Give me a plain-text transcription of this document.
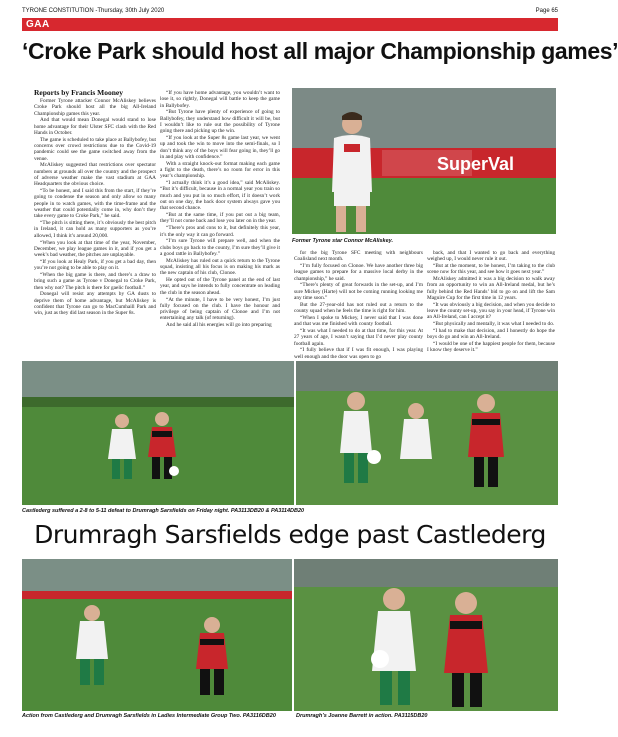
TYRONE CONSTITUTION -Thursday, 30th July 2020	Page 65
GAA
‘Croke Park should host all major Championship games’
Reports by Francis Mooney

Former Tyrone attacker Connor McAliskey believes Croke Park should host all the big All-Ireland Championship games this year.

And that would mean Donegal would stand to lose home advantage for their Ulster SFC clash with the Red Hands in October.

The game is scheduled to take place at Ballybofey, but concerns over crowd restrictions due to the Covid-19 pandemic could see the game switched away from the venue.

McAliskey suggested that restrictions over spectator numbers at grounds all over the country and the prospect of adverse weather make the vast stadium at GAA Headquarters the obvious choice.

“To be honest, and I said this from the start, if they’re going to condense the season and only allow so many people in to watch games, with the time-frame and the weather that could potentially come in, why don’t they take every game to Croke Park,” he said.

“The pitch is sitting there, it’s obviously the best pitch in Ireland, it can hold as many supporters as you’re allowed, I think it’s around 20,000.

“When you look at that time of the year, November, December, we play league games in it, and if you get a week’s bad weather, the pitches are unplayable.

“If you look at Healy Park, if you get a bad day, then you’re not going to be able to play on it.

“When the big game is there, and there’s a draw to bring such a game as Tyrone v Donegal to Croke Park, then why not? The pitch is there for gaelic football.”

Donegal will resist any attempts by GA dusts to deprive them of home advantage, but McAliskey is confident that Tyrone can go to MacCumhaill Park and win, just as they did last season in the Super 8s.

“If you have home advantage, you wouldn’t want to lose it, so rightly, Donegal will battle to keep the game in Ballybofey.

“But Tyrone have plenty of experience of going to Ballybofey, they understand how difficult it will be, but I wouldn’t like to rule out the possibility of Tyrone going there and picking up the win.

“If you look at the Super 8s game last year, we went up and took the win to move into the semi-finals, so I don’t think any of the boys will fear going in, they’ll go in and play with confidence.”

With a straight knock-out format making each game a fight to the death, there’s no room for error in this year’s championship.

“I actually think it’s a good idea,” said McAliskey. “But it’s difficult, because in a normal year you train so much and you put in so much effort, if it doesn’t work out on one day, the back door system always gave you that second chance.

“But at the same time, if you put out a big team, they’ll not come back and lose you later on in the year.

“There’s pros and cons to it, but definitely this year, it’s the only way it can go forward.

“I’m sure Tyrone will prepare well, and when the clubs boys go back to the county, I’m sure they’ll give it a good rattle in Ballybofey.”

McAliskey has ruled out a quick return to the Tyrone squad, insisting all his focus is on making his mark as the new captain of his club, Clonoe.

He opted out of the Tyrone panel at the end of last year, and says he intends to fully concentrate on leading the club in the season ahead.

“At the minute, I have to be very honest, I’m just fully focused on the club. I have the honour and privilege of being captain of Clonoe and I’m not entertaining any talk (of returning).

And he said all his energies will go into preparing

for the big Tyrone SFC meeting with neighbours Coalisland next month.

“I’m fully focused on Clonoe. We have another three big league games to prepare for a massive local derby in the championship,” he said.

“There’s plenty of great forwards in the set-up, and I’m sure Mickey (Harte) will not be coming running looking me any time soon.”

But the 27-year-old has not ruled out a return to the county squad when he feels the time is right for him.

“When I spoke to Mickey, I never said that I was done and that was me finished with county football.

“It was what I needed to do at that time, for this year. At 27 years of age, I wasn’t saying that I’d never play county football again.

“I fully believe that if I was fit enough, I was playing well enough and the door was open to go

back, and that I wanted to go back and everything weighed up, I would never rule it out.

“But at the moment, to be honest, I’m taking to the club scene now for this year, and see how it goes next year.”

McAliskey admitted it was a big decision to walk away from an opportunity to win an All-Ireland medal, but he’s fully behind the Red Hands’ bid to go on and lift the Sam Maguire Cup for the first time in 12 years.

“It was obviously a big decision, and when you decide to leave the county set-up, you say in your head, if Tyrone win an All-Ireland, can I accept it?

“But physically and mentally, it was what I needed to do.

“I had to make that decision, and I honestly do hope the boys do go and win an All-Ireland.

“I would be one of the happiest people for them, because I know they deserve it.”

SuperVal
Former Tyrone star Connor McAliskey.
Castlederg suffered a 2-8 to 5-11 defeat to Drumragh Sarsfields on Friday night. PA3113DB20 & PA3114DB20
Drumragh Sarsfields edge past Castlederg
Action from Castlederg and Drumragh Sarsfields in Ladies Intermediate Group Two. PA3116DB20	Drumragh’s Joanne Barrett in action. PA3115DB20
